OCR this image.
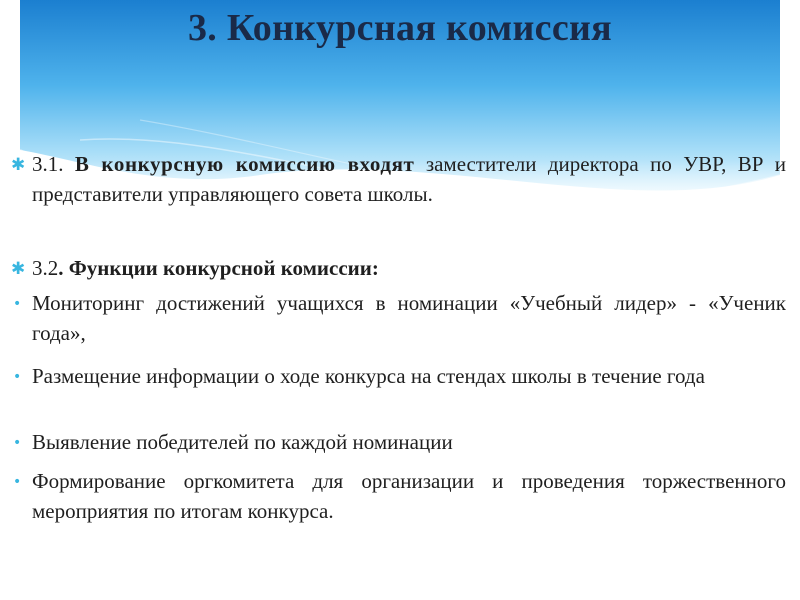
3. Конкурсная комиссия
✱ 3.1. В конкурсную комиссию входят заместители директора по УВР, ВР и представители управляющего совета школы.
✱ 3.2. Функции конкурсной комиссии:
• Мониторинг достижений учащихся в номинации «Учебный лидер» - «Ученик года»,
• Размещение информации о ходе конкурса на стендах школы в течение года
• Выявление победителей по каждой номинации
• Формирование оргкомитета для организации и проведения торжественного мероприятия по итогам конкурса.
